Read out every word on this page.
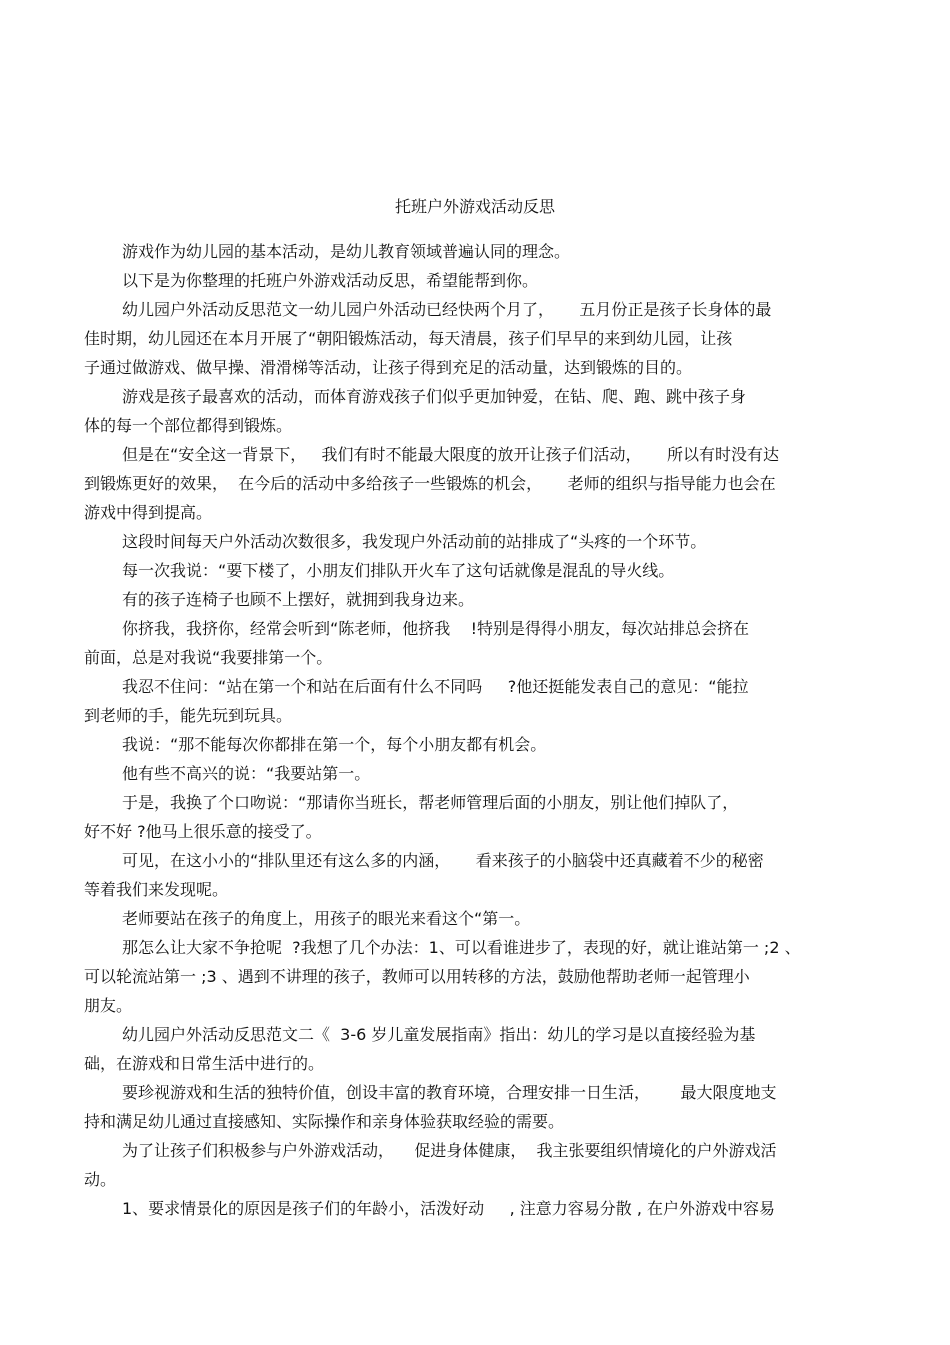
托班户外游戏活动反思
游戏作为幼儿园的基本活动，是幼儿教育领域普遍认同的理念。
以下是为你整理的托班户外游戏活动反思，希望能帮到你。
幼儿园户外活动反思范文一幼儿园户外活动已经快两个月了，     五月份正是孩子长身体的最
佳时期，幼儿园还在本月开展了“朝阳锻炼活动，每天清晨，孩子们早早的来到幼儿园，让孩
子通过做游戏、做早操、滑滑梯等活动，让孩子得到充足的活动量，达到锻炼的目的。
游戏是孩子最喜欢的活动，而体育游戏孩子们似乎更加钟爱，在钻、爬、跑、跳中孩子身
体的每一个部位都得到锻炼。
但是在“安全这一背景下，   我们有时不能最大限度的放开让孩子们活动，     所以有时没有达
到锻炼更好的效果，  在今后的活动中多给孩子一些锻炼的机会，     老师的组织与指导能力也会在
游戏中得到提高。
这段时间每天户外活动次数很多，我发现户外活动前的站排成了“头疼的一个环节。
每一次我说：“要下楼了，小朋友们排队开火车了这句话就像是混乱的导火线。
有的孩子连椅子也顾不上摆好，就拥到我身边来。
你挤我，我挤你，经常会听到“陈老师，他挤我    !特别是得得小朋友，每次站排总会挤在
前面，总是对我说“我要排第一个。
我忍不住问：“站在第一个和站在后面有什么不同吗     ?他还挺能发表自己的意见：“能拉
到老师的手，能先玩到玩具。
我说：“那不能每次你都排在第一个，每个小朋友都有机会。
他有些不高兴的说：“我要站第一。
于是，我换了个口吻说：“那请你当班长，帮老师管理后面的小朋友，别让他们掉队了，
好不好 ?他马上很乐意的接受了。
可见，在这小小的“排队里还有这么多的内涵，     看来孩子的小脑袋中还真藏着不少的秘密
等着我们来发现呢。
老师要站在孩子的角度上，用孩子的眼光来看这个“第一。
那怎么让大家不争抢呢  ?我想了几个办法：1、可以看谁进步了，表现的好，就让谁站第一 ;2 、
可以轮流站第一 ;3 、遇到不讲理的孩子，教师可以用转移的方法，鼓励他帮助老师一起管理小
朋友。
幼儿园户外活动反思范文二《  3-6 岁儿童发展指南》指出：幼儿的学习是以直接经验为基
础，在游戏和日常生活中进行的。
要珍视游戏和生活的独特价值，创设丰富的教育环境，合理安排一日生活，      最大限度地支
持和满足幼儿通过直接感知、实际操作和亲身体验获取经验的需要。
为了让孩子们积极参与户外游戏活动，    促进身体健康，  我主张要组织情境化的户外游戏活
动。
1、要求情景化的原因是孩子们的年龄小，活泼好动     , 注意力容易分散 , 在户外游戏中容易
